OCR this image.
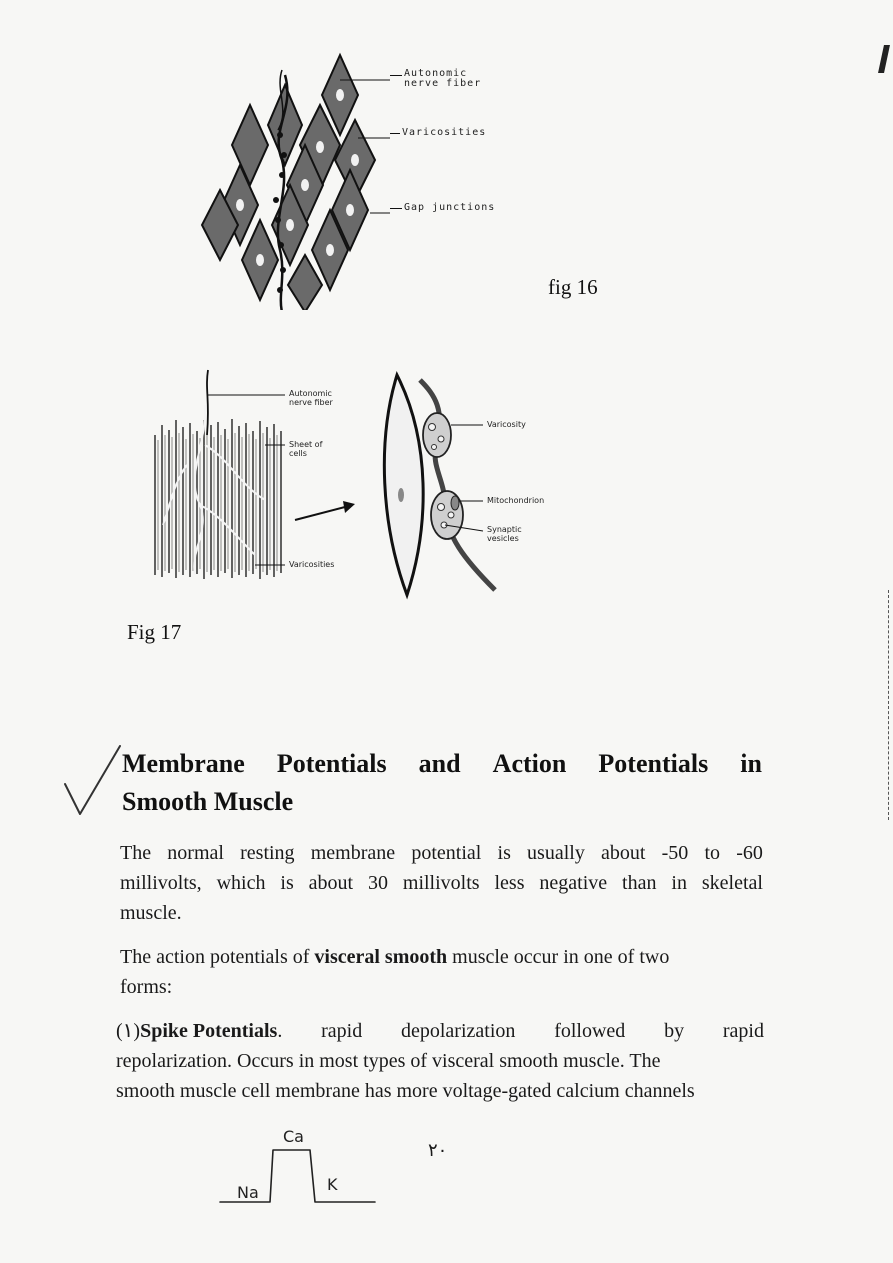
Autonomic
nerve fiber
Varicosities
Gap junctions
fig 16
Autonomic
nerve fiber
Sheet of
cells
Varicosities
Varicosity
Mitochondrion
Synaptic
vesicles
Fig 17
Membrane Potentials and Action Potentials in
Smooth Muscle
The normal resting membrane potential is usually about -50 to -60
millivolts, which is about 30 millivolts less negative than in skeletal
muscle.
The action potentials of visceral smooth muscle occur in one of two
forms:
(١)Spike Potentials. rapid depolarization followed by rapid
repolarization. Occurs in most types of visceral smooth muscle. The
smooth muscle cell membrane has more voltage-gated calcium channels
Ca
Na	K
٢٠
